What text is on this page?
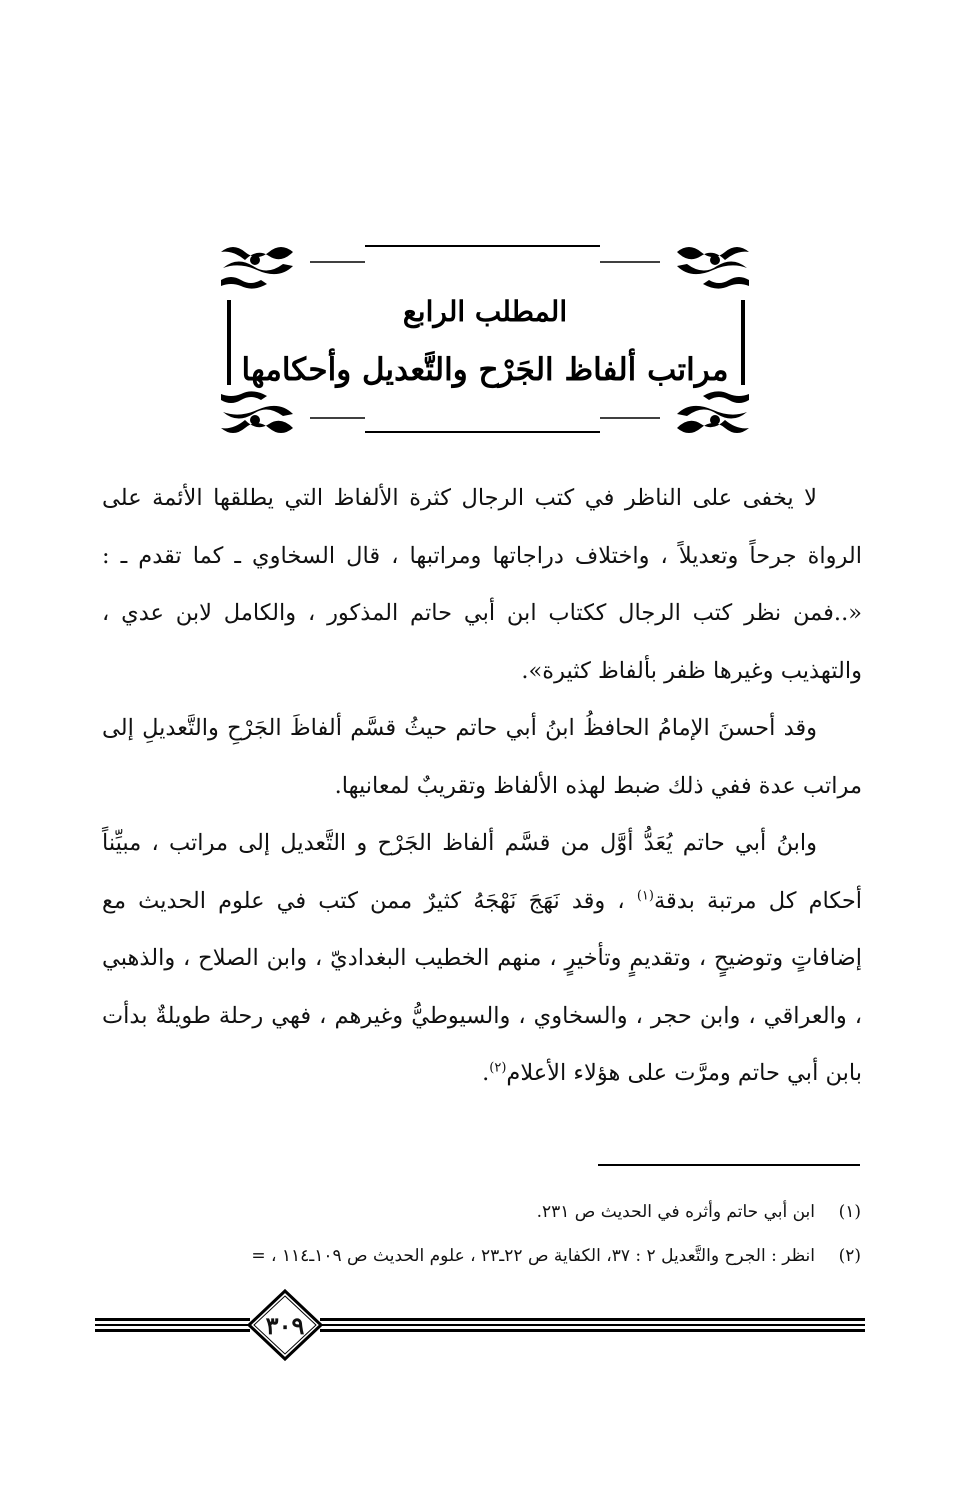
المطلب الرابع
مراتب ألفاظ الجَرْح والتَّعديل وأحكامها

لا يخفى على الناظر في كتب الرجال كثرة الألفاظ التي يطلقها الأئمة على الرواة جرحاً وتعديلاً ، واختلاف دراجاتها ومراتبها ، قال السخاوي ـ كما تقدم ـ : «..فمن نظر كتب الرجال ككتاب ابن أبي حاتم المذكور ، والكامل لابن عدي ، والتهذيب وغيرها ظفر بألفاظ كثيرة».

وقد أحسنَ الإمامُ الحافظُ ابنُ أبي حاتم حيثُ قسَّم ألفاظَ الجَرْحِ والتَّعديلِ إلى مراتب عدة ففي ذلك ضبط لهذه الألفاظ وتقريبٌ لمعانيها.

وابنُ أبي حاتم يُعَدُّ أوَّل من قسَّم ألفاظ الجَرْح و التَّعديل إلى مراتب ، مبيِّناً أحكام كل مرتبة بدقة$^{(١)}$ ، وقد نَهَجَ نَهْجَهُ كثيرٌ ممن كتب في علوم الحديث مع إضافاتٍ وتوضيحٍ ، وتقديمٍ وتأخيرٍ ، منهم الخطيب البغداديّ ، وابن الصلاح ، والذهبي ، والعراقي ، وابن حجر ، والسخاوي ، والسيوطيُّ وغيرهم ، فهي رحلة طويلةٌ بدأت بابن أبي حاتم ومرَّت على هؤلاء الأعلام$^{(٢)}$.

(١)
ابن أبي حاتم وأثره في الحديث ص ٢٣١.
(٢)
انظر : الجرح والتَّعديل ٢ : ٣٧، الكفاية ص ٢٢ـ٢٣ ، علوم الحديث ص ١٠٩ـ١١٤ ، =
٣٠٩
